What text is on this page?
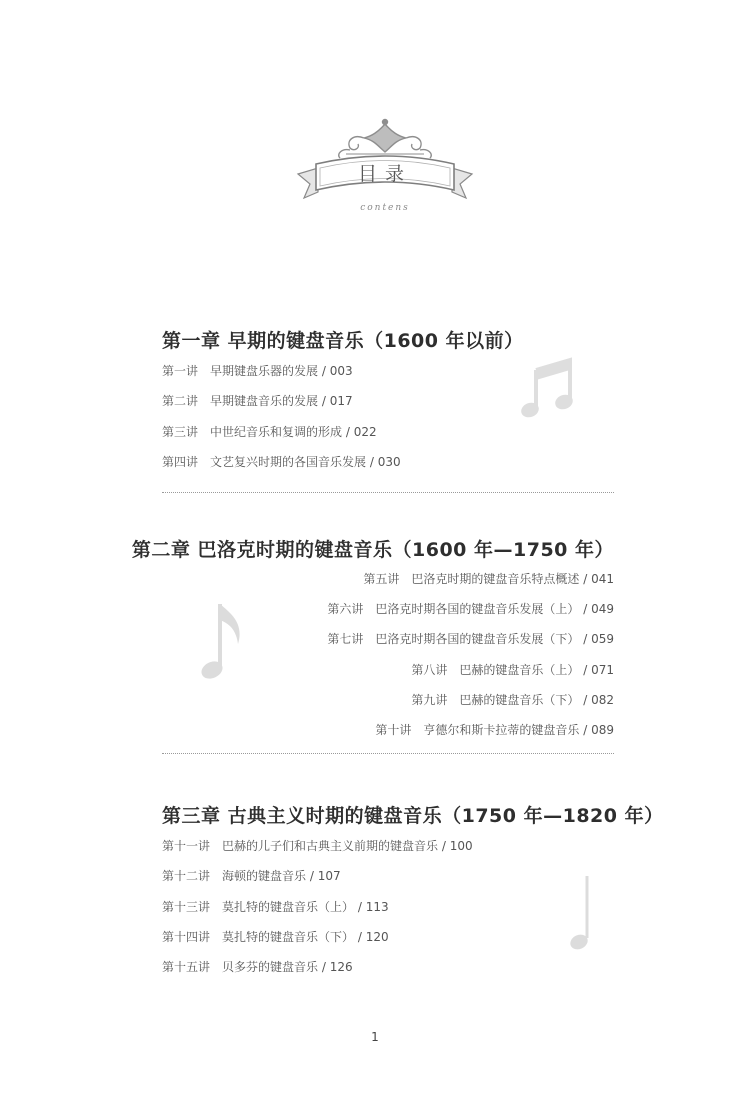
目录
contens
第一章 早期的键盘音乐（1600 年以前）
第一讲 早期键盘乐器的发展 / 003
第二讲 早期键盘音乐的发展 / 017
第三讲 中世纪音乐和复调的形成 / 022
第四讲 文艺复兴时期的各国音乐发展 / 030
第二章 巴洛克时期的键盘音乐（1600 年—1750 年）
第五讲 巴洛克时期的键盘音乐特点概述 / 041
第六讲 巴洛克时期各国的键盘音乐发展（上） / 049
第七讲 巴洛克时期各国的键盘音乐发展（下） / 059
第八讲 巴赫的键盘音乐（上） / 071
第九讲 巴赫的键盘音乐（下） / 082
第十讲 亨德尔和斯卡拉蒂的键盘音乐 / 089
第三章 古典主义时期的键盘音乐（1750 年—1820 年）
第十一讲 巴赫的儿子们和古典主义前期的键盘音乐 / 100
第十二讲 海顿的键盘音乐 / 107
第十三讲 莫扎特的键盘音乐（上） / 113
第十四讲 莫扎特的键盘音乐（下） / 120
第十五讲 贝多芬的键盘音乐 / 126
1
